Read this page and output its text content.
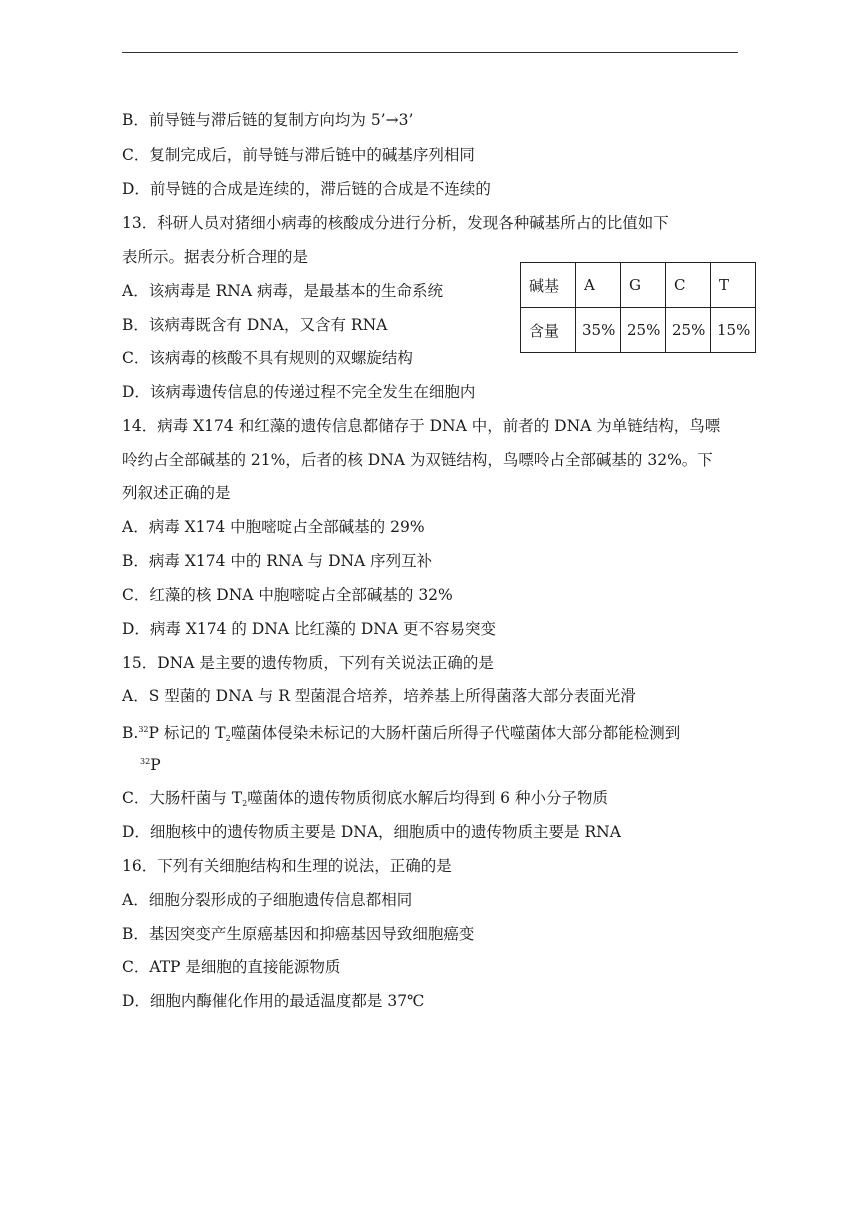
B．前导链与滞后链的复制方向均为 5’→3’
C．复制完成后，前导链与滞后链中的碱基序列相同
D．前导链的合成是连续的，滞后链的合成是不连续的
13．科研人员对猪细小病毒的核酸成分进行分析，发现各种碱基所占的比值如下
表所示。据表分析合理的是
A．该病毒是 RNA 病毒，是最基本的生命系统
B．该病毒既含有 DNA，又含有 RNA
C．该病毒的核酸不具有规则的双螺旋结构
D．该病毒遗传信息的传递过程不完全发生在细胞内
碱基	A	G	C	T
含量	35%	25%	25%	15%
14．病毒 X174 和红藻的遗传信息都储存于 DNA 中，前者的 DNA 为单链结构，鸟嘌
呤约占全部碱基的 21%，后者的核 DNA 为双链结构，鸟嘌呤占全部碱基的 32%。下
列叙述正确的是
A．病毒 X174 中胞嘧啶占全部碱基的 29%
B．病毒 X174 中的 RNA 与 DNA 序列互补
C．红藻的核 DNA 中胞嘧啶占全部碱基的 32%
D．病毒 X174 的 DNA 比红藻的 DNA 更不容易突变
15．DNA 是主要的遗传物质，下列有关说法正确的是
A．S 型菌的 DNA 与 R 型菌混合培养，培养基上所得菌落大部分表面光滑
B.$^{32}$P 标记的 $T_2$噬菌体侵染未标记的大肠杆菌后所得子代噬菌体大部分都能检测到
$^{32}$P
C．大肠杆菌与 $T_2$噬菌体的遗传物质彻底水解后均得到 6 种小分子物质
D．细胞核中的遗传物质主要是 DNA，细胞质中的遗传物质主要是 RNA
16．下列有关细胞结构和生理的说法，正确的是
A．细胞分裂形成的子细胞遗传信息都相同
B．基因突变产生原癌基因和抑癌基因导致细胞癌变
C．ATP 是细胞的直接能源物质
D．细胞内酶催化作用的最适温度都是 37℃
